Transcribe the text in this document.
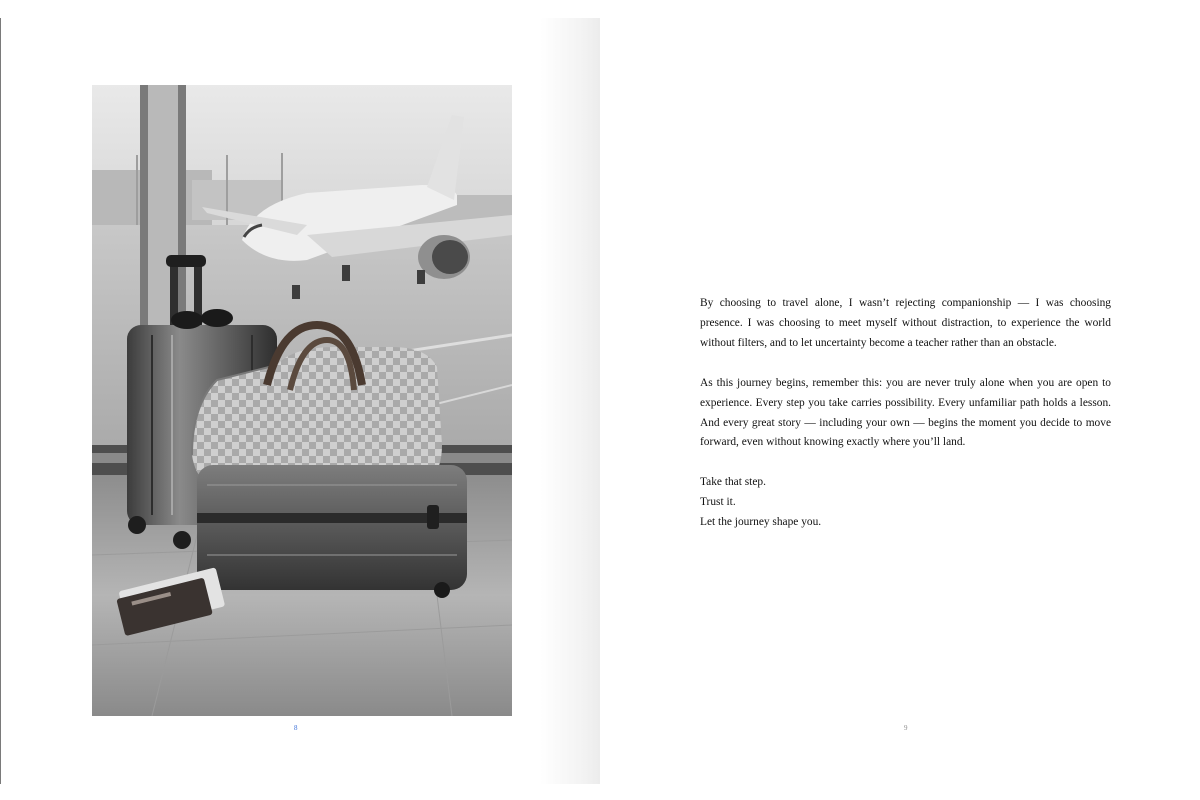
8

By choosing to travel alone, I wasn’t rejecting companionship — I was choosing presence. I was choosing to meet myself without distraction, to experience the world without filters, and to let uncertainty become a teacher rather than an obstacle.

As this journey begins, remember this: you are never truly alone when you are open to experience. Every step you take carries possibility. Every unfamiliar path holds a lesson. And every great story — including your own — begins the moment you decide to move forward, even without knowing exactly where you’ll land.

Take that step.
Trust it.
Let the journey shape you.

9
